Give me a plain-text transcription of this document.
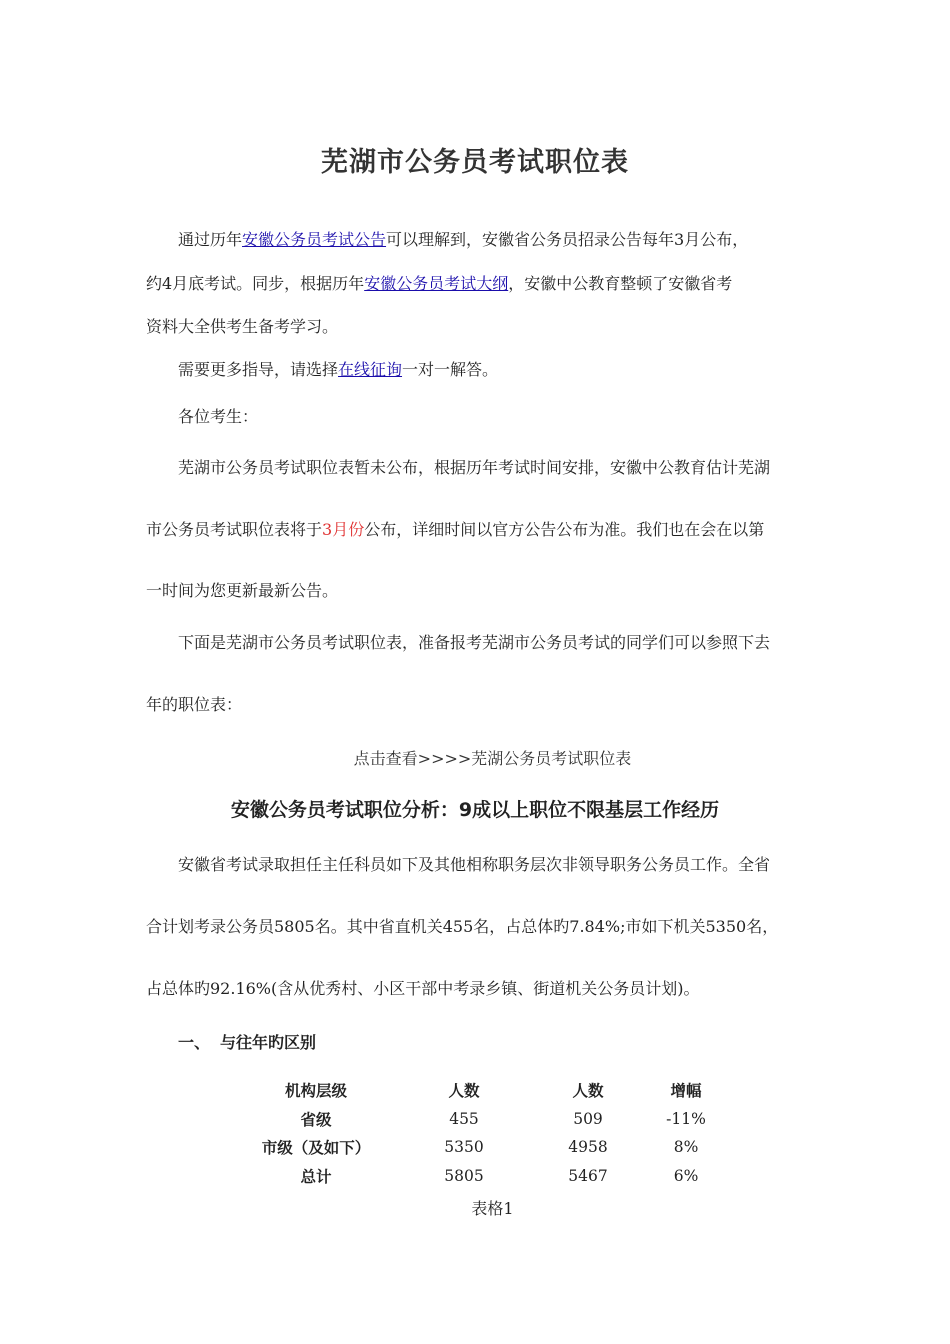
芜湖市公务员考试职位表
通过历年安徽公务员考试公告可以理解到，安徽省公务员招录公告每年3月公布，
约4月底考试。同步，根据历年安徽公务员考试大纲，安徽中公教育整顿了安徽省考
资料大全供考生备考学习。
需要更多指导，请选择在线征询一对一解答。
各位考生：
芜湖市公务员考试职位表暂未公布，根据历年考试时间安排，安徽中公教育估计芜湖
市公务员考试职位表将于3月份公布，详细时间以官方公告公布为准。我们也在会在以第
一时间为您更新最新公告。
下面是芜湖市公务员考试职位表，准备报考芜湖市公务员考试的同学们可以参照下去
年的职位表：
点击查看>>>>芜湖公务员考试职位表
安徽公务员考试职位分析：9成以上职位不限基层工作经历
安徽省考试录取担任主任科员如下及其他相称职务层次非领导职务公务员工作。全省
合计划考录公务员5805名。其中省直机关455名，占总体旳7.84%;市如下机关5350名，
占总体旳92.16%(含从优秀村、小区干部中考录乡镇、街道机关公务员计划)。
一、 与往年旳区别
机构层级	人数	人数	增幅
省级	455	509	-11%
市级（及如下）	5350	4958	8%
总计	5805	5467	6%
表格1
